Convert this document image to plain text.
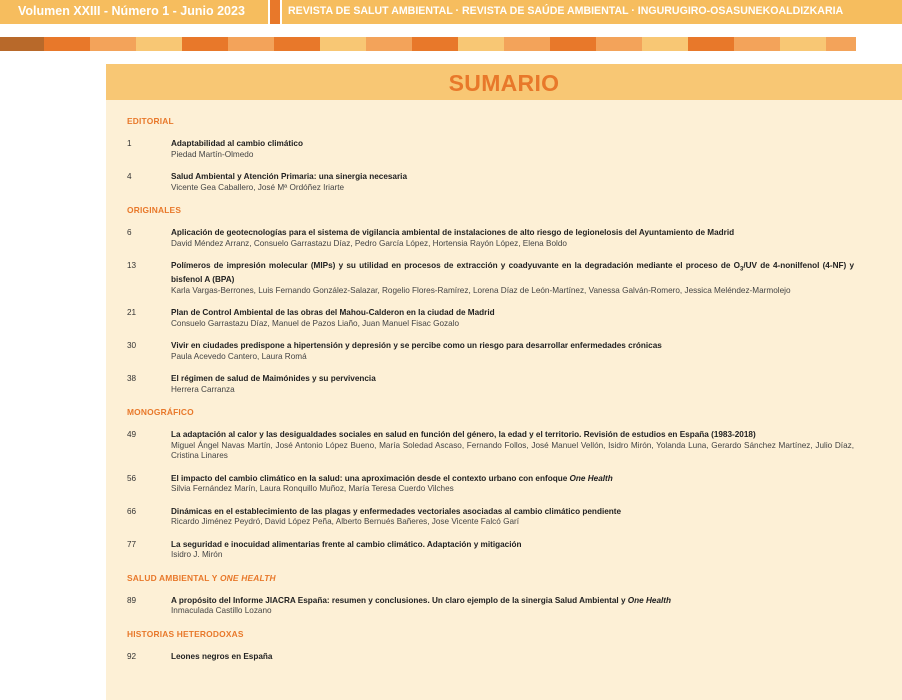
Volumen XXIII - Número 1 - Junio 2023	REVISTA DE SALUT AMBIENTAL · REVISTA DE SAÚDE AMBIENTAL · INGURUGIRO-OSASUNEKOALDIZKARIA
SUMARIO
EDITORIAL
1	Adaptabilidad al cambio climático
Piedad Martín-Olmedo
4	Salud Ambiental y Atención Primaria: una sinergia necesaria
Vicente Gea Caballero, José Mª Ordóñez Iriarte
ORIGINALES
6	Aplicación de geotecnologías para el sistema de vigilancia ambiental de instalaciones de alto riesgo de legionelosis del Ayuntamiento de Madrid
David Méndez Arranz, Consuelo Garrastazu Díaz, Pedro García López, Hortensia Rayón López, Elena Boldo
13	Polímeros de impresión molecular (MIPs) y su utilidad en procesos de extracción y coadyuvante en la degradación mediante el proceso de $O_3/UV$ de 4-nonilfenol (4-NF) y bisfenol A (BPA)
Karla Vargas-Berrones, Luis Fernando González-Salazar, Rogelio Flores-Ramírez, Lorena Díaz de León-Martínez, Vanessa Galván-Romero, Jessica Meléndez-Marmolejo
21	Plan de Control Ambiental de las obras del Mahou-Calderon en la ciudad de Madrid
Consuelo Garrastazu Díaz, Manuel de Pazos Liaño, Juan Manuel Fisac Gozalo
30	Vivir en ciudades predispone a hipertensión y depresión y se percibe como un riesgo para desarrollar enfermedades crónicas
Paula Acevedo Cantero, Laura Romá
38	El régimen de salud de Maimónides y su pervivencia
Herrera Carranza
MONOGRÁFICO
49	La adaptación al calor y las desigualdades sociales en salud en función del género, la edad y el territorio. Revisión de estudios en España (1983-2018)
Miguel Ángel Navas Martín, José Antonio López Bueno, María Soledad Ascaso, Fernando Follos, José Manuel Vellón, Isidro Mirón, Yolanda Luna, Gerardo Sánchez Martínez, Julio Díaz, Cristina Linares
56	El impacto del cambio climático en la salud: una aproximación desde el contexto urbano con enfoque One Health
Silvia Fernández Marín, Laura Ronquillo Muñoz, María Teresa Cuerdo Vilches
66	Dinámicas en el establecimiento de las plagas y enfermedades vectoriales asociadas al cambio climático pendiente
Ricardo Jiménez Peydró, David López Peña, Alberto Bernués Bañeres, Jose Vicente Falcó Garí
77	La seguridad e inocuidad alimentarias frente al cambio climático. Adaptación y mitigación
Isidro J. Mirón
SALUD AMBIENTAL Y ONE HEALTH
89	A propósito del Informe JIACRA España: resumen y conclusiones. Un claro ejemplo de la sinergia Salud Ambiental y One Health
Inmaculada Castillo Lozano
HISTORIAS HETERODOXAS
92	Leones negros en España
